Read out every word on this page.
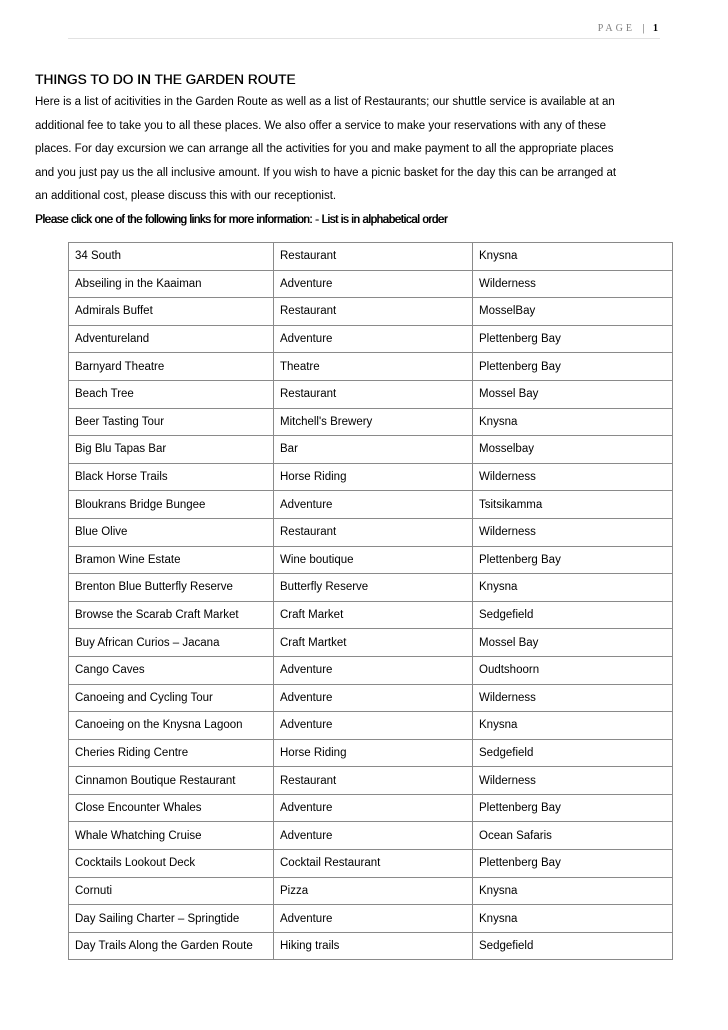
PAGE | 1
THINGS TO DO IN THE GARDEN ROUTE

Here is a list of acitivities in the Garden Route as well as a list of Restaurants; our shuttle service is available at an

additional fee to take you to all these places. We also offer a service to make your reservations with any of these

places. For day excursion we can arrange all the activities for you and make payment to all the appropriate places

and you just pay us the all inclusive amount. If you wish to have a picnic basket for the day this can be arranged at

an additional cost, please discuss this with our receptionist.

Please click one of the following links for more information: - List is in alphabetical order

34 South	Restaurant	Knysna
Abseiling in the Kaaiman	Adventure	Wilderness
Admirals Buffet	Restaurant	MosselBay
Adventureland	Adventure	Plettenberg Bay
Barnyard Theatre	Theatre	Plettenberg Bay
Beach Tree	Restaurant	Mossel Bay
Beer Tasting Tour	Mitchell's Brewery	Knysna
Big Blu Tapas Bar	Bar	Mosselbay
Black Horse Trails	Horse Riding	Wilderness
Bloukrans Bridge Bungee	Adventure	Tsitsikamma
Blue Olive	Restaurant	Wilderness
Bramon Wine Estate	Wine boutique	Plettenberg Bay
Brenton Blue Butterfly Reserve	Butterfly Reserve	Knysna
Browse the Scarab Craft Market	Craft Market	Sedgefield
Buy African Curios – Jacana	Craft Martket	Mossel Bay
Cango Caves	Adventure	Oudtshoorn
Canoeing and Cycling Tour	Adventure	Wilderness
Canoeing on the Knysna Lagoon	Adventure	Knysna
Cheries Riding Centre	Horse Riding	Sedgefield
Cinnamon Boutique Restaurant	Restaurant	Wilderness
Close Encounter Whales	Adventure	Plettenberg Bay
Whale Whatching Cruise	Adventure	Ocean Safaris
Cocktails Lookout Deck	Cocktail Restaurant	Plettenberg Bay
Cornuti	Pizza	Knysna
Day Sailing Charter – Springtide	Adventure	Knysna
Day Trails Along the Garden Route	Hiking trails	Sedgefield
